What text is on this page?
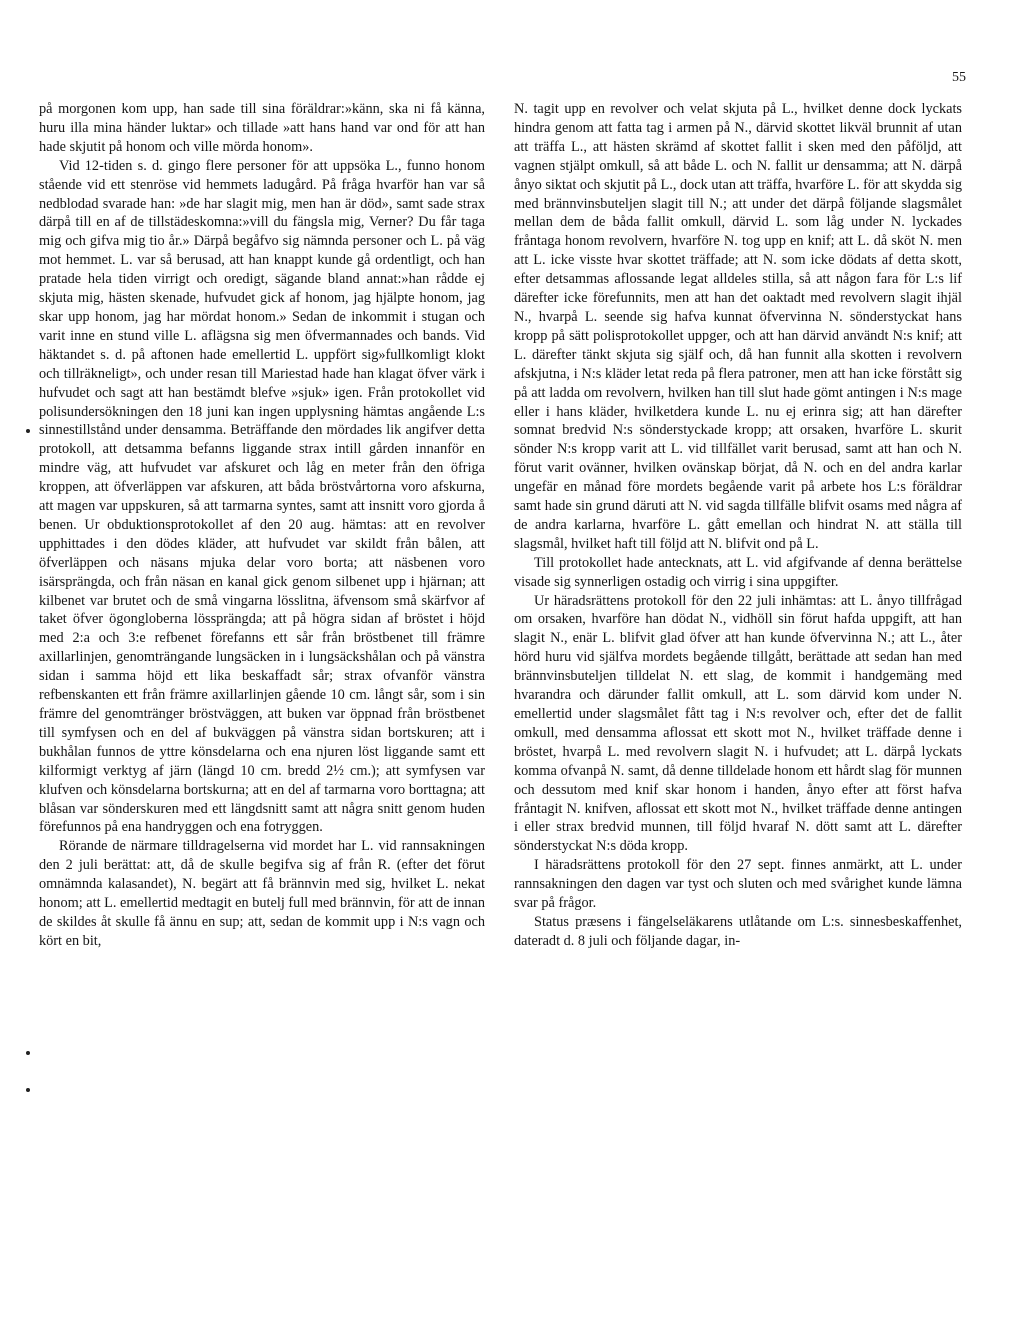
55

på morgonen kom upp, han sade till sina föräldrar:»känn, ska ni få känna, huru illa mina händer luktar» och tillade »att hans hand var ond för att han hade skjutit på honom och ville mörda honom».

Vid 12-tiden s. d. gingo flere personer för att uppsöka L., funno honom stående vid ett stenröse vid hemmets ladugård. På fråga hvarför han var så nedblodad svarade han: »de har slagit mig, men han är död», samt sade strax därpå till en af de tillstädeskomna:»vill du fängsla mig, Verner? Du får taga mig och gifva mig tio år.» Därpå begåfvo sig nämnda personer och L. på väg mot hemmet. L. var så berusad, att han knappt kunde gå ordentligt, och han pratade hela tiden virrigt och oredigt, sägande bland annat:»han rådde ej skjuta mig, hästen skenade, hufvudet gick af honom, jag hjälpte honom, jag skar upp honom, jag har mördat honom.» Sedan de inkommit i stugan och varit inne en stund ville L. aflägsna sig men öfvermannades och bands. Vid häktandet s. d. på aftonen hade emellertid L. uppfört sig»fullkomligt klokt och tillräkneligt», och under resan till Mariestad hade han klagat öfver värk i hufvudet och sagt att han bestämdt blefve »sjuk» igen. Från protokollet vid polisundersökningen den 18 juni kan ingen upplysning hämtas angående L:s sinnestillstånd under densamma. Beträffande den mördades lik angifver detta protokoll, att detsamma befanns liggande strax intill gården innanför en mindre väg, att hufvudet var afskuret och låg en meter från den öfriga kroppen, att öfverläppen var afskuren, att båda bröstvårtorna voro afskurna, att magen var uppskuren, så att tarmarna syntes, samt att insnitt voro gjorda å benen. Ur obduktionsprotokollet af den 20 aug. hämtas: att en revolver upphittades i den dödes kläder, att hufvudet var skildt från bålen, att öfverläppen och näsans mjuka delar voro borta; att näsbenen voro isärsprängda, och från näsan en kanal gick genom silbenet upp i hjärnan; att kilbenet var brutet och de små vingarna lösslitna, äfvensom små skärfvor af taket öfver ögongloberna lössprängda; att på högra sidan af bröstet i höjd med 2:a och 3:e refbenet förefanns ett sår från bröstbenet till främre axillarlinjen, genomträngande lungsäcken in i lungsäckshålan och på vänstra sidan i samma höjd ett lika beskaffadt sår; strax ofvanför vänstra refbenskanten ett från främre axillarlinjen gående 10 cm. långt sår, som i sin främre del genomtränger bröstväggen, att buken var öppnad från bröstbenet till symfysen och en del af bukväggen på vänstra sidan bortskuren; att i bukhålan funnos de yttre könsdelarna och ena njuren löst liggande samt ett kilformigt verktyg af järn (längd 10 cm. bredd 2½ cm.); att symfysen var klufven och könsdelarna bortskurna; att en del af tarmarna voro borttagna; att blåsan var sönderskuren med ett längdsnitt samt att några snitt genom huden förefunnos på ena handryggen och ena fotryggen.

Rörande de närmare tilldragelserna vid mordet har L. vid rannsakningen den 2 juli berättat: att, då de skulle begifva sig af från R. (efter det förut omnämnda kalasandet), N. begärt att få brännvin med sig, hvilket L. nekat honom; att L. emellertid medtagit en butelj full med brännvin, för att de innan de skildes åt skulle få ännu en sup; att, sedan de kommit upp i N:s vagn och kört en bit,

N. tagit upp en revolver och velat skjuta på L., hvilket denne dock lyckats hindra genom att fatta tag i armen på N., därvid skottet likväl brunnit af utan att träffa L., att hästen skrämd af skottet fallit i sken med den påföljd, att vagnen stjälpt omkull, så att både L. och N. fallit ur densamma; att N. därpå ånyo siktat och skjutit på L., dock utan att träffa, hvarföre L. för att skydda sig med brännvinsbuteljen slagit till N.; att under det därpå följande slagsmålet mellan dem de båda fallit omkull, därvid L. som låg under N. lyckades fråntaga honom revolvern, hvarföre N. tog upp en knif; att L. då sköt N. men att L. icke visste hvar skottet träffade; att N. som icke dödats af detta skott, efter detsammas aflossande legat alldeles stilla, så att någon fara för L:s lif därefter icke förefunnits, men att han det oaktadt med revolvern slagit ihjäl N., hvarpå L. seende sig hafva kunnat öfvervinna N. sönderstyckat hans kropp på sätt polisprotokollet uppger, och att han därvid användt N:s knif; att L. därefter tänkt skjuta sig själf och, då han funnit alla skotten i revolvern afskjutna, i N:s kläder letat reda på flera patroner, men att han icke förstått sig på att ladda om revolvern, hvilken han till slut hade gömt antingen i N:s mage eller i hans kläder, hvilketdera kunde L. nu ej erinra sig; att han därefter somnat bredvid N:s sönderstyckade kropp; att orsaken, hvarföre L. skurit sönder N:s kropp varit att L. vid tillfället varit berusad, samt att han och N. förut varit ovänner, hvilken ovänskap börjat, då N. och en del andra karlar ungefär en månad före mordets begående varit på arbete hos L:s föräldrar samt hade sin grund däruti att N. vid sagda tillfälle blifvit osams med några af de andra karlarna, hvarföre L. gått emellan och hindrat N. att ställa till slagsmål, hvilket haft till följd att N. blifvit ond på L.

Till protokollet hade antecknats, att L. vid afgifvande af denna berättelse visade sig synnerligen ostadig och virrig i sina uppgifter.

Ur häradsrättens protokoll för den 22 juli inhämtas: att L. ånyo tillfrågad om orsaken, hvarföre han dödat N., vidhöll sin förut hafda uppgift, att han slagit N., enär L. blifvit glad öfver att han kunde öfvervinna N.; att L., åter hörd huru vid själfva mordets begående tillgått, berättade att sedan han med brännvinsbuteljen tilldelat N. ett slag, de kommit i handgemäng med hvarandra och därunder fallit omkull, att L. som därvid kom under N. emellertid under slagsmålet fått tag i N:s revolver och, efter det de fallit omkull, med densamma aflossat ett skott mot N., hvilket träffade denne i bröstet, hvarpå L. med revolvern slagit N. i hufvudet; att L. därpå lyckats komma ofvanpå N. samt, då denne tilldelade honom ett hårdt slag för munnen och dessutom med knif skar honom i handen, ånyo efter att först hafva fråntagit N. knifven, aflossat ett skott mot N., hvilket träffade denne antingen i eller strax bredvid munnen, till följd hvaraf N. dött samt att L. därefter sönderstyckat N:s döda kropp.

I häradsrättens protokoll för den 27 sept. finnes anmärkt, att L. under rannsakningen den dagen var tyst och sluten och med svårighet kunde lämna svar på frågor.

Status præsens i fängelseläkarens utlåtande om L:s. sinnesbeskaffenhet, dateradt d. 8 juli och följande dagar, in-
